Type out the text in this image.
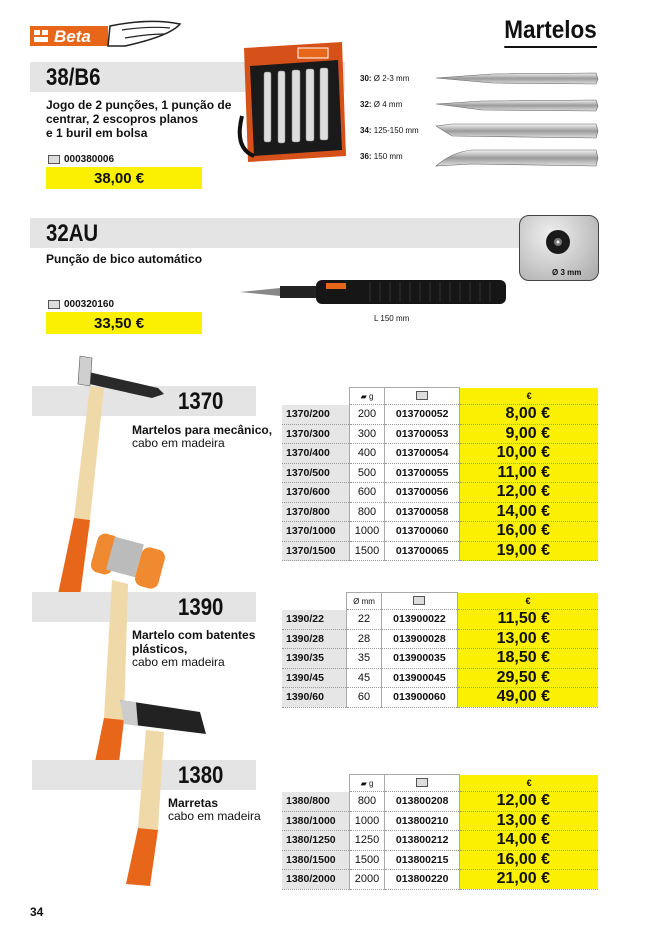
Beta	Martelos
38/B6
Jogo de 2 punções, 1 punção de
centrar, 2 escopros planos
e 1 buril em bolsa
000380006
38,00 €
30: Ø 2-3 mm
32: Ø 4 mm
34: 125-150 mm
36: 150 mm
32AU
Punção de bico automático
000320160
33,50 €	L 150 mm
Ø 3 mm
1370
Martelos para mecânico,
cabo em madeira
	▰ g		€
1370/200	200	013700052	8,00 €
1370/300	300	013700053	9,00 €
1370/400	400	013700054	10,00 €
1370/500	500	013700055	11,00 €
1370/600	600	013700056	12,00 €
1370/800	800	013700058	14,00 €
1370/1000	1000	013700060	16,00 €
1370/1500	1500	013700065	19,00 €
1390
Martelo com batentes
plásticos,
cabo em madeira
	Ø mm		€
1390/22	22	013900022	11,50 €
1390/28	28	013900028	13,00 €
1390/35	35	013900035	18,50 €
1390/45	45	013900045	29,50 €
1390/60	60	013900060	49,00 €
1380
Marretas
cabo em madeira
	▰ g		€
1380/800	800	013800208	12,00 €
1380/1000	1000	013800210	13,00 €
1380/1250	1250	013800212	14,00 €
1380/1500	1500	013800215	16,00 €
1380/2000	2000	013800220	21,00 €
34
